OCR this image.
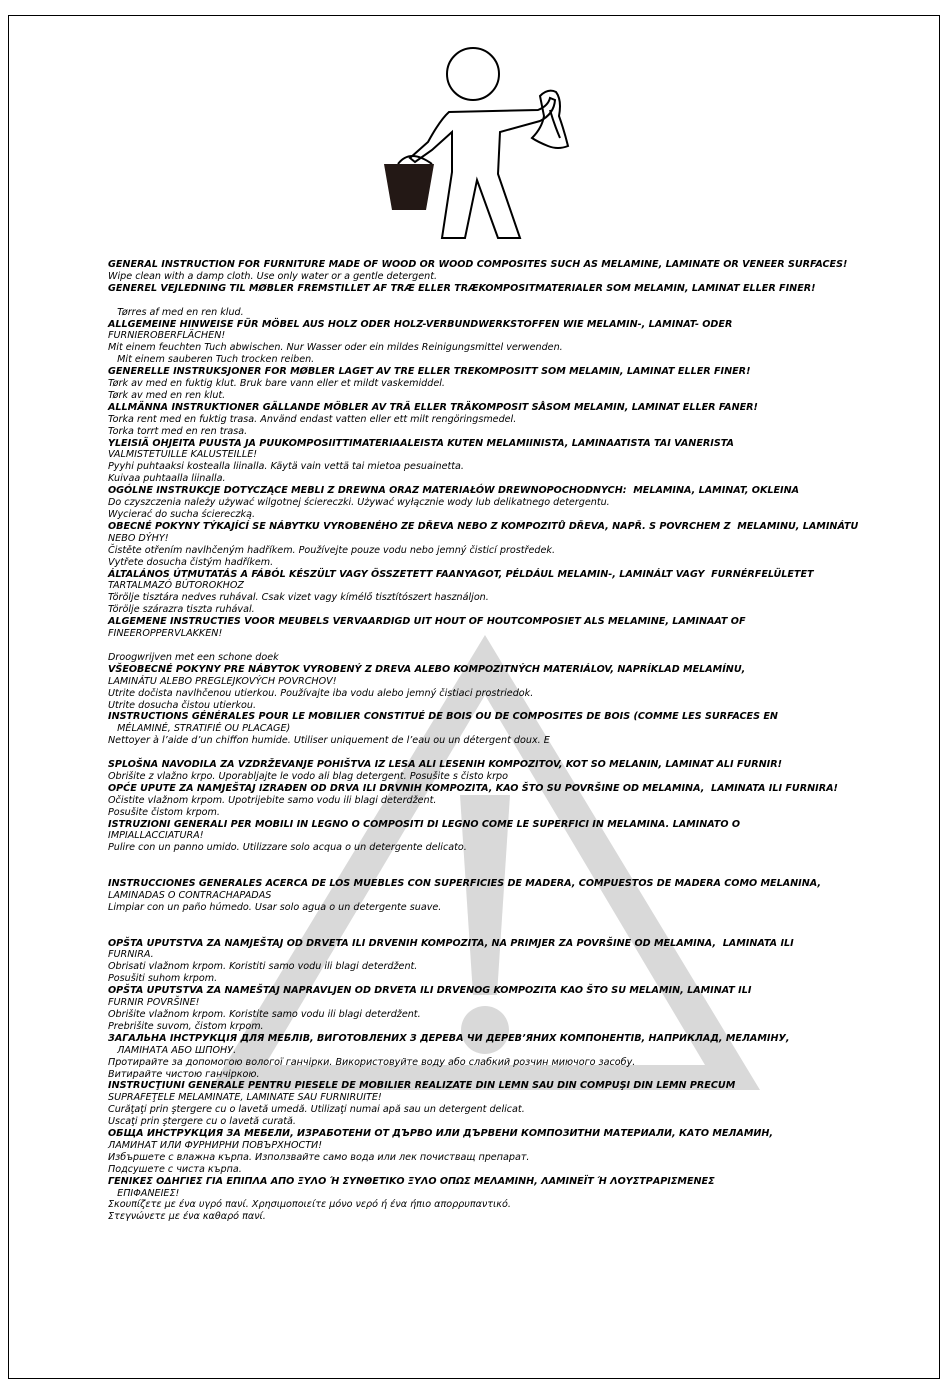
GENERAL INSTRUCTION FOR FURNITURE MADE OF WOOD OR WOOD COMPOSITES SUCH AS MELAMINE, LAMINATE OR VENEER SURFACES!
Wipe clean with a damp cloth. Use only water or a gentle detergent.
GENEREL VEJLEDNING TIL MØBLER FREMSTILLET AF TRÆ ELLER TRÆKOMPOSITMATERIALER SOM MELAMIN, LAMINAT ELLER FINER!
Tørres af med en ren klud.
ALLGEMEINE HINWEISE FÜR MÖBEL AUS HOLZ ODER HOLZ-VERBUNDWERKSTOFFEN WIE MELAMIN-, LAMINAT- ODER
FURNIEROBERFLÄCHEN!
Mit einem feuchten Tuch abwischen. Nur Wasser oder ein mildes Reinigungsmittel verwenden.
Mit einem sauberen Tuch trocken reiben.
GENERELLE INSTRUKSJONER FOR MØBLER LAGET AV TRE ELLER TREKOMPOSITT SOM MELAMIN, LAMINAT ELLER FINER!
Tørk av med en fuktig klut. Bruk bare vann eller et mildt vaskemiddel.
Tørk av med en ren klut.
ALLMÄNNA INSTRUKTIONER GÄLLANDE MÖBLER AV TRÄ ELLER TRÄKOMPOSIT SÅSOM MELAMIN, LAMINAT ELLER FANER!
Torka rent med en fuktig trasa. Använd endast vatten eller ett milt rengöringsmedel.
Torka torrt med en ren trasa.
YLEISIÄ OHJEITA PUUSTA JA PUUKOMPOSIITTIMATERIAALEISTA KUTEN MELAMIINISTA, LAMINAATISTA TAI VANERISTA
VALMISTETUILLE KALUSTEILLE!
Pyyhi puhtaaksi kostealla liinalla. Käytä vain vettä tai mietoa pesuainetta.
Kuivaa puhtaalla liinalla.
OGÓLNE INSTRUKCJE DOTYCZĄCE MEBLI Z DREWNA ORAZ MATERIAŁÓW DREWNOPOCHODNYCH:  MELAMINA, LAMINAT, OKLEINA
Do czyszczenia należy używać wilgotnej ściereczki. Używać wyłącznie wody lub delikatnego detergentu.
Wycierać do sucha ściereczką.
OBECNÉ POKYNY TÝKAJÍCÍ SE NÁBYTKU VYROBENÉHO ZE DŘEVA NEBO Z KOMPOZITŮ DŘEVA, NAPŘ. S POVRCHEM Z  MELAMINU, LAMINÁTU
NEBO DÝHY!
Čistěte otřením navlhčeným hadříkem. Používejte pouze vodu nebo jemný čisticí prostředek.
Vytřete dosucha čistým hadříkem.
ÁLTALÁNOS ÚTMUTATÁS A FÁBÓL KÉSZÜLT VAGY ÖSSZETETT FAANYAGOT, PÉLDÁUL MELAMIN-, LAMINÁLT VAGY  FURNÉRFELÜLETET
TARTALMAZÓ BÚTOROKHOZ
Törölje tisztára nedves ruhával. Csak vizet vagy kímélő tisztítószert használjon.
Törölje szárazra tiszta ruhával.
ALGEMENE INSTRUCTIES VOOR MEUBELS VERVAARDIGD UIT HOUT OF HOUTCOMPOSIET ALS MELAMINE, LAMINAAT OF
FINEEROPPERVLAKKEN!
Droogwrijven met een schone doek
VŠEOBECNÉ POKYNY PRE NÁBYTOK VYROBENÝ Z DREVA ALEBO KOMPOZITNÝCH MATERIÁLOV, NAPRÍKLAD MELAMÍNU,
LAMINÁTU ALEBO PREGLEJKOVÝCH POVRCHOV!
Utrite dočista navlhčenou utierkou. Používajte iba vodu alebo jemný čistiaci prostriedok.
Utrite dosucha čistou utierkou.
INSTRUCTIONS GÉNÉRALES POUR LE MOBILIER CONSTITUÉ DE BOIS OU DE COMPOSITES DE BOIS (COMME LES SURFACES EN
MÉLAMINÉ, STRATIFIÉ OU PLACAGE)
Nettoyer à l’aide d’un chiffon humide. Utiliser uniquement de l’eau ou un détergent doux. E
SPLOŠNA NAVODILA ZA VZDRŽEVANJE POHIŠTVA IZ LESA ALI LESENIH KOMPOZITOV, KOT SO MELANIN, LAMINAT ALI FURNIR!
Obrišite z vlažno krpo. Uporabljajte le vodo ali blag detergent. Posušite s čisto krpo
OPĆE UPUTE ZA NAMJEŠTAJ IZRAĐEN OD DRVA ILI DRVNIH KOMPOZITA, KAO ŠTO SU POVRŠINE OD MELAMINA,  LAMINATA ILI FURNIRA!
Očistite vlažnom krpom. Upotrijebite samo vodu ili blagi deterdžent.
Posušite čistom krpom.
ISTRUZIONI GENERALI PER MOBILI IN LEGNO O COMPOSITI DI LEGNO COME LE SUPERFICI IN MELAMINA. LAMINATO O
IMPIALLACCIATURA!
Pulire con un panno umido. Utilizzare solo acqua o un detergente delicato.
INSTRUCCIONES GENERALES ACERCA DE LOS MUEBLES CON SUPERFICIES DE MADERA, COMPUESTOS DE MADERA COMO MELANINA,
LAMINADAS O CONTRACHAPADAS
Limpiar con un paño húmedo. Usar solo agua o un detergente suave.
OPŠTA UPUTSTVA ZA NAMJEŠTAJ OD DRVETA ILI DRVENIH KOMPOZITA, NA PRIMJER ZA POVRŠINE OD MELAMINA,  LAMINATA ILI
FURNIRA.
Obrisati vlažnom krpom. Koristiti samo vodu ili blagi deterdžent.
Posušiti suhom krpom.
OPŠTA UPUTSTVA ZA NAMEŠTAJ NAPRAVLJEN OD DRVETA ILI DRVENOG KOMPOZITA KAO ŠTO SU MELAMIN, LAMINAT ILI
FURNIR POVRŠINE!
Obrišite vlažnom krpom. Koristite samo vodu ili blagi deterdžent.
Prebrišite suvom, čistom krpom.
ЗАГАЛЬНА ІНСТРУКЦІЯ ДЛЯ МЕБЛІВ, ВИГОТОВЛЕНИХ З ДЕРЕВА ЧИ ДЕРЕВ’ЯНИХ КОМПОНЕНТІВ, НАПРИКЛАД, МЕЛАМІНУ,
ЛАМІНАТА АБО ШПОНУ.
Протирайте за допомогою вологої ганчірки. Використовуйте воду або слабкий розчин миючого засобу.
Витирайте чистою ганчіркою.
INSTRUCŢIUNI GENERALE PENTRU PIESELE DE MOBILIER REALIZATE DIN LEMN SAU DIN COMPUŞI DIN LEMN PRECUM
SUPRAFEŢELE MELAMINATE, LAMINATE SAU FURNIRUITE!
Curăţaţi prin ştergere cu o lavetă umedă. Utilizaţi numai apă sau un detergent delicat.
Uscaţi prin ştergere cu o lavetă curată.
ОБЩА ИНСТРУКЦИЯ ЗА МЕБЕЛИ, ИЗРАБОТЕНИ ОТ ДЪРВО ИЛИ ДЪРВЕНИ КОМПОЗИТНИ МАТЕРИАЛИ, КАТО МЕЛАМИН,
ЛАМИНАТ ИЛИ ФУРНИРНИ ПОВЪРХНОСТИ!
Избършете с влажна кърпа. Използвайте само вода или лек почистващ препарат.
Подсушете с чиста кърпа.
ΓΕΝΙΚΕΣ ΟΔΗΓΙΕΣ ΓΙΑ ΕΠΙΠΛΑ ΑΠΟ ΞΥΛΟ Ή ΣΥΝΘΕΤΙΚΟ ΞΥΛΟ ΟΠΩΣ ΜΕΛΑΜΙΝΗ, ΛΑΜΙΝΕΪΤ Ή ΛΟΥΣΤΡΑΡΙΣΜΕΝΕΣ
ΕΠΙΦΑΝΕΙΕΣ!
Σκουπίζετε με ένα υγρό πανί. Χρησιμοποιείτε μόνο νερό ή ένα ήπιο απορρυπαντικό.
Στεγνώνετε με ένα καθαρό πανί.
